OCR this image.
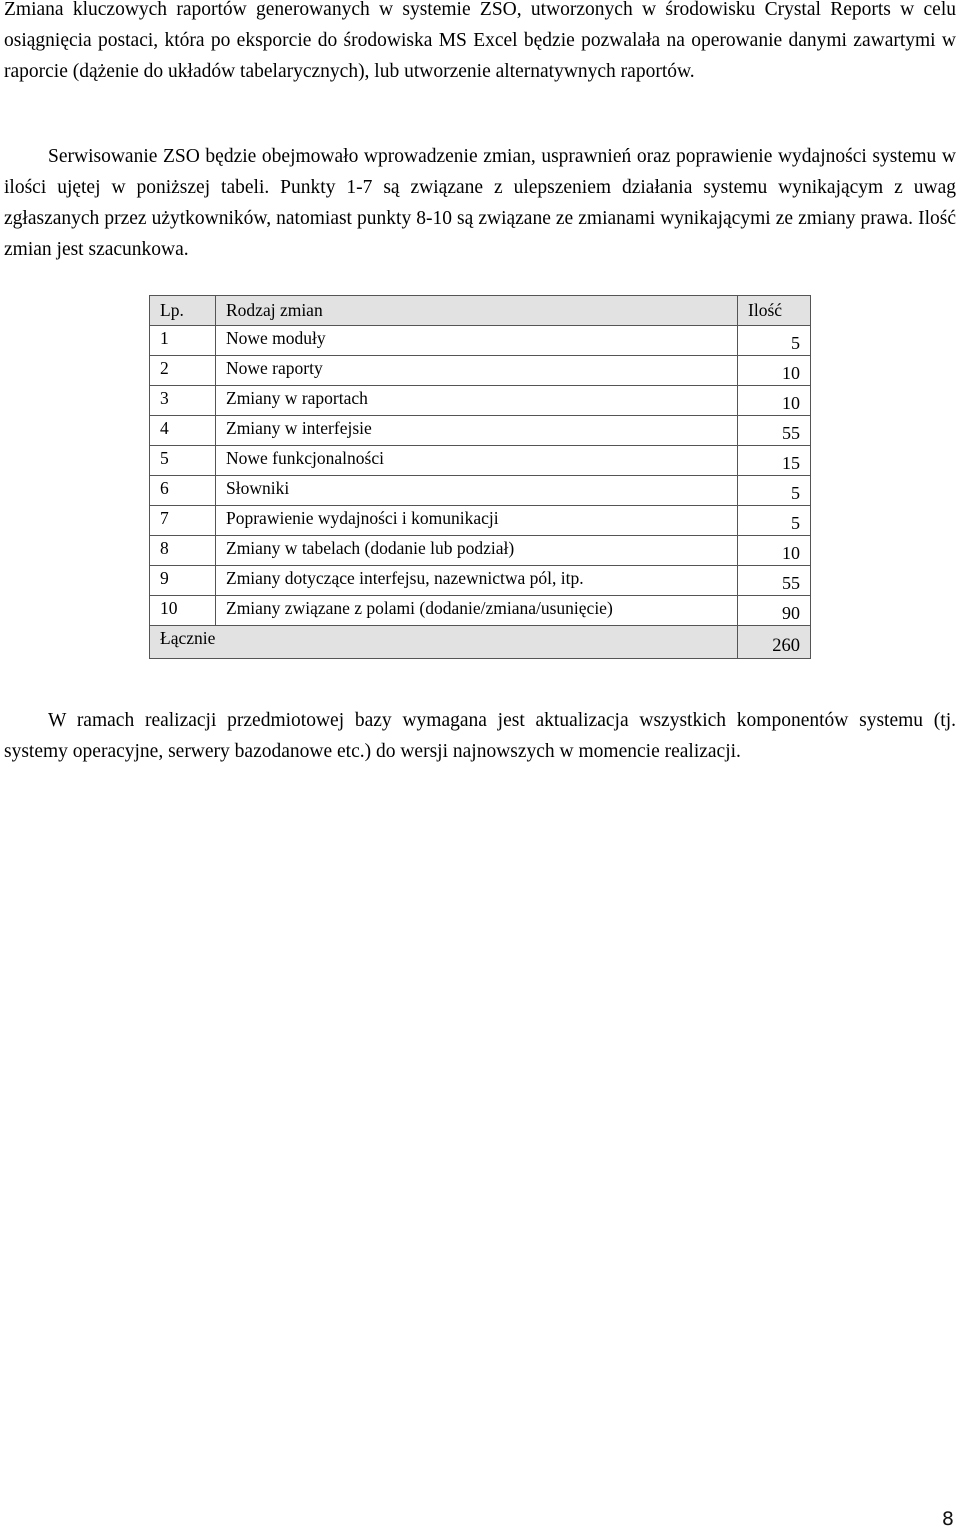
Zmiana kluczowych raportów generowanych w systemie ZSO, utworzonych w środowisku Crystal Reports w celu osiągnięcia postaci, która po eksporcie do środowiska MS Excel będzie pozwalała na operowanie danymi zawartymi w raporcie (dążenie do układów tabelarycznych), lub utworzenie alternatywnych raportów.

Serwisowanie ZSO będzie obejmowało wprowadzenie zmian, usprawnień oraz poprawienie wydajności systemu w ilości ujętej w poniższej tabeli. Punkty 1-7 są związane z ulepszeniem działania systemu wynikającym z uwag zgłaszanych przez użytkowników, natomiast punkty 8-10 są związane ze zmianami wynikającymi ze zmiany prawa. Ilość zmian jest szacunkowa.

Lp.	Rodzaj zmian	Ilość
1	Nowe moduły	5
2	Nowe raporty	10
3	Zmiany w raportach	10
4	Zmiany w interfejsie	55
5	Nowe funkcjonalności	15
6	Słowniki	5
7	Poprawienie wydajności i komunikacji	5
8	Zmiany w tabelach (dodanie lub podział)	10
9	Zmiany dotyczące interfejsu, nazewnictwa pól, itp.	55
10	Zmiany związane z polami (dodanie/zmiana/usunięcie)	90
Łącznie		260

W ramach realizacji przedmiotowej bazy wymagana jest aktualizacja wszystkich komponentów systemu (tj. systemy operacyjne, serwery bazodanowe etc.) do wersji najnowszych w momencie realizacji.

8
